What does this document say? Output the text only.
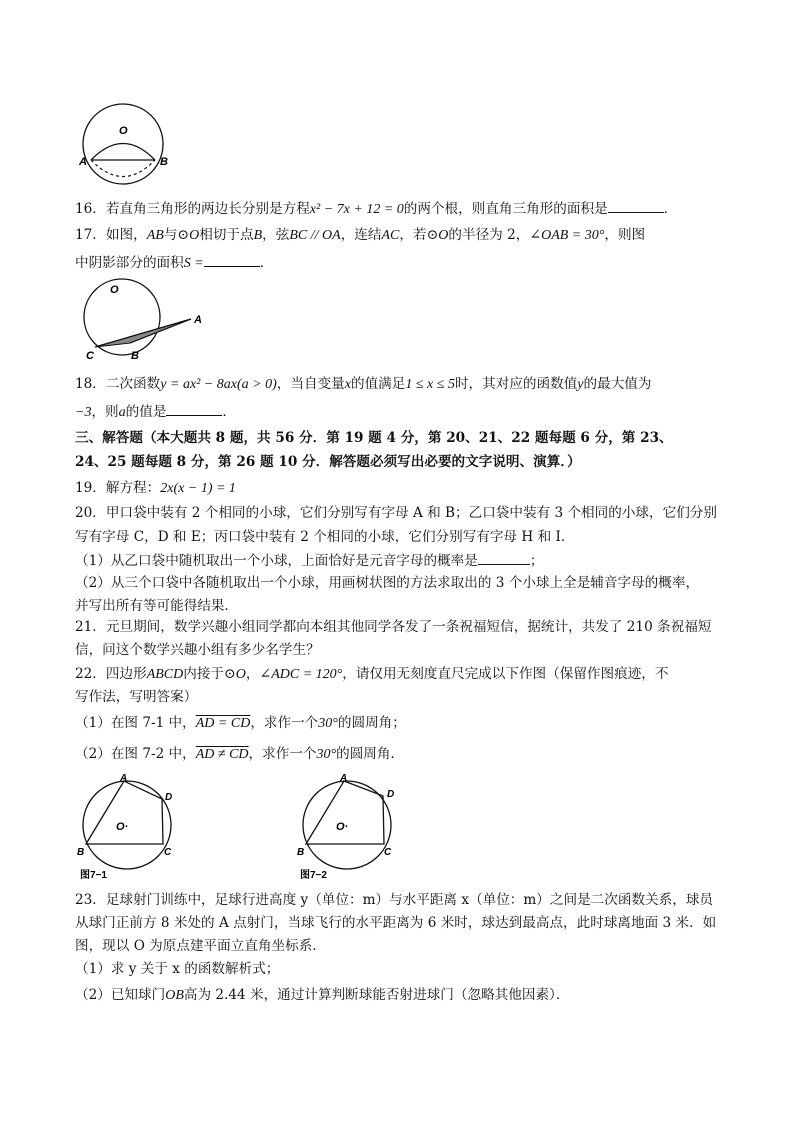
O
A	B
16．若直角三角形的两边长分别是方程x² − 7x + 12 = 0的两个根，则直角三角形的面积是	．
17．如图，AB与⊙O相切于点B，弦BC // OA，连结AC，若⊙O的半径为 2，∠OAB = 30°，则图
中阴影部分的面积S =	．
O
A
B
C
18．二次函数y = ax² − 8ax(a > 0)，当自变量x的值满足1 ≤ x ≤ 5时，其对应的函数值y的最大值为
−3，则a的值是	．
三、解答题（本大题共 8 题，共 56 分．第 19 题 4 分，第 20、21、22 题每题 6 分，第 23、
24、25 题每题 8 分，第 26 题 10 分．解答题必须写出必要的文字说明、演算．）
19．解方程：2x(x − 1) = 1
20．甲口袋中装有 2 个相同的小球，它们分别写有字母 A 和 B；乙口袋中装有 3 个相同的小球，它们分别
写有字母 C，D 和 E；丙口袋中装有 2 个相同的小球，它们分别写有字母 H 和 I．
（1）从乙口袋中随机取出一个小球，上面恰好是元音字母的概率是	；
（2）从三个口袋中各随机取出一个小球，用画树状图的方法求取出的 3 个小球上全是辅音字母的概率，
并写出所有等可能得结果．
21．元旦期间，数学兴趣小组同学都向本组其他同学各发了一条祝福短信，据统计，共发了 210 条祝福短
信，问这个数学兴趣小组有多少名学生？
22．四边形ABCD内接于⊙O，∠ADC = 120°，请仅用无刻度直尺完成以下作图（保留作图痕迹，不
写作法，写明答案）
（1）在图 7-1 中，AD = CD，求作一个30°的圆周角；
（2）在图 7-2 中，AD ≠ CD，求作一个30°的圆周角．
A
D
C
B
O·
图7−1
A
D
C
B
O·
图7−2
23．足球射门训练中，足球行进高度 y（单位：m）与水平距离 x（单位：m）之间是二次函数关系，球员
从球门正前方 8 米处的 A 点射门，当球飞行的水平距离为 6 米时，球达到最高点，此时球离地面 3 米．如
图，现以 O 为原点建平面立直角坐标系．
（1）求 y 关于 x 的函数解析式；
（2）已知球门OB高为 2.44 米，通过计算判断球能否射进球门（忽略其他因素）．
